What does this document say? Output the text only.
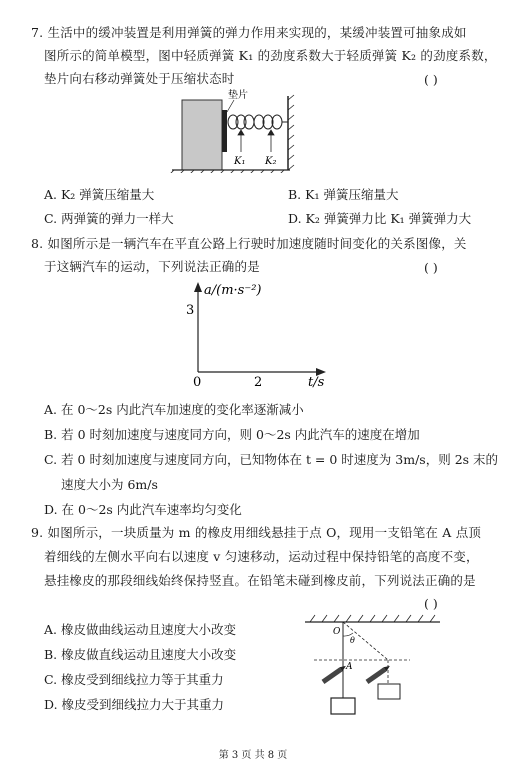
7. 生活中的缓冲装置是利用弹簧的弹力作用来实现的，某缓冲装置可抽象成如
图所示的简单模型，图中轻质弹簧 K₁ 的劲度系数大于轻质弹簧 K₂ 的劲度系数，
垫片向右移动弹簧处于压缩状态时	( )
垫片
K₁ K₂
A. K₂ 弹簧压缩量大	B. K₁ 弹簧压缩量大
C. 两弹簧的弹力一样大	D. K₂ 弹簧弹力比 K₁ 弹簧弹力大
8. 如图所示是一辆汽车在平直公路上行驶时加速度随时间变化的关系图像，关
于这辆汽车的运动，下列说法正确的是	( )
a/(m·s⁻²)
3
0	2	t/s
A. 在 0～2s 内此汽车加速度的变化率逐渐减小
B. 若 0 时刻加速度与速度同方向，则 0～2s 内此汽车的速度在增加
C. 若 0 时刻加速度与速度同方向，已知物体在 t = 0 时速度为 3m/s，则 2s 末的
速度大小为 6m/s
D. 在 0～2s 内此汽车速率均匀变化
9. 如图所示，一块质量为 m 的橡皮用细线悬挂于点 O，现用一支铅笔在 A 点顶
着细线的左侧水平向右以速度 v 匀速移动，运动过程中保持铅笔的高度不变，
悬挂橡皮的那段细线始终保持竖直。在铅笔未碰到橡皮前，下列说法正确的是
( )
A. 橡皮做曲线运动且速度大小改变
B. 橡皮做直线运动且速度大小改变
C. 橡皮受到细线拉力等于其重力
D. 橡皮受到细线拉力大于其重力
O
θ
A
第 3 页 共 8 页
